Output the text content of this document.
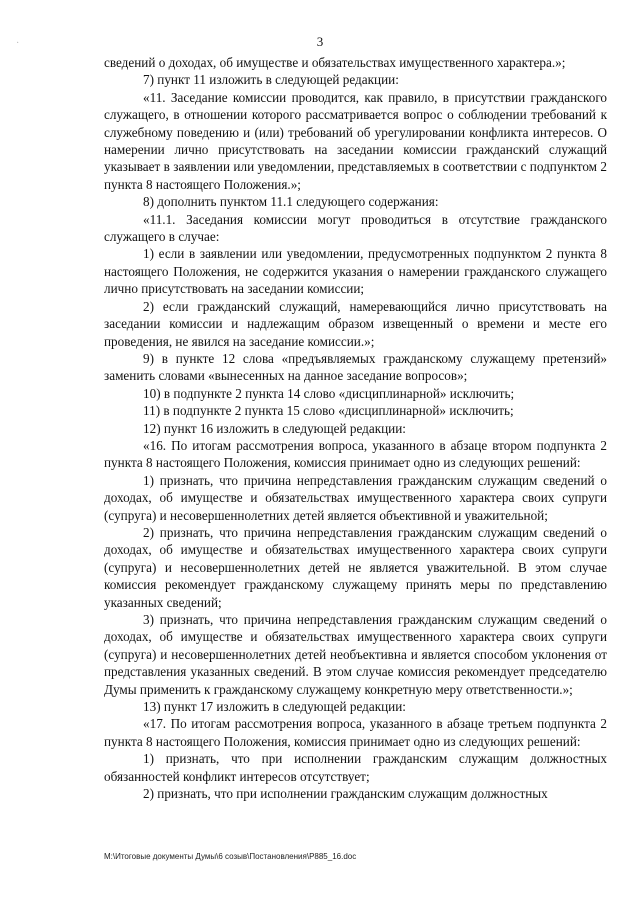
·	3

сведений о доходах, об имуществе и обязательствах имущественного характера.»;

7) пункт 11 изложить в следующей редакции:

«11. Заседание комиссии проводится, как правило, в присутствии гражданского служащего, в отношении которого рассматривается вопрос о соблюдении требований к служебному поведению и (или) требований об урегулировании конфликта интересов. О намерении лично присутствовать на заседании комиссии гражданский служащий указывает в заявлении или уведомлении, представляемых в соответствии с подпунктом 2 пункта 8 настоящего Положения.»;

8) дополнить пунктом 11.1 следующего содержания:

«11.1. Заседания комиссии могут проводиться в отсутствие гражданского служащего в случае:

1) если в заявлении или уведомлении, предусмотренных подпунктом 2 пункта 8 настоящего Положения, не содержится указания о намерении гражданского служащего лично присутствовать на заседании комиссии;

2) если гражданский служащий, намеревающийся лично присутствовать на заседании комиссии и надлежащим образом извещенный о времени и месте его проведения, не явился на заседание комиссии.»;

9) в пункте 12 слова «предъявляемых гражданскому служащему претензий» заменить словами «вынесенных на данное заседание вопросов»;

10) в подпункте 2 пункта 14 слово «дисциплинарной» исключить;

11) в подпункте 2 пункта 15 слово «дисциплинарной» исключить;

12) пункт 16 изложить в следующей редакции:

«16. По итогам рассмотрения вопроса, указанного в абзаце втором подпункта 2 пункта 8 настоящего Положения, комиссия принимает одно из следующих решений:

1) признать, что причина непредставления гражданским служащим сведений о доходах, об имуществе и обязательствах имущественного характера своих супруги (супруга) и несовершеннолетних детей является объективной и уважительной;

2) признать, что причина непредставления гражданским служащим сведений о доходах, об имуществе и обязательствах имущественного характера своих супруги (супруга) и несовершеннолетних детей не является уважительной. В этом случае комиссия рекомендует гражданскому служащему принять меры по представлению указанных сведений;

3) признать, что причина непредставления гражданским служащим сведений о доходах, об имуществе и обязательствах имущественного характера своих супруги (супруга) и несовершеннолетних детей необъективна и является способом уклонения от представления указанных сведений. В этом случае комиссия рекомендует председателю Думы применить к гражданскому служащему конкретную меру ответственности.»;

13) пункт 17 изложить в следующей редакции:

«17. По итогам рассмотрения вопроса, указанного в абзаце третьем подпункта 2 пункта 8 настоящего Положения, комиссия принимает одно из следующих решений:

1) признать, что при исполнении гражданским служащим должностных обязанностей конфликт интересов отсутствует;

2) признать, что при исполнении гражданским служащим должностных

М:\Итоговые документы Думы\6 созыв\Постановления\Р885_16.doc
